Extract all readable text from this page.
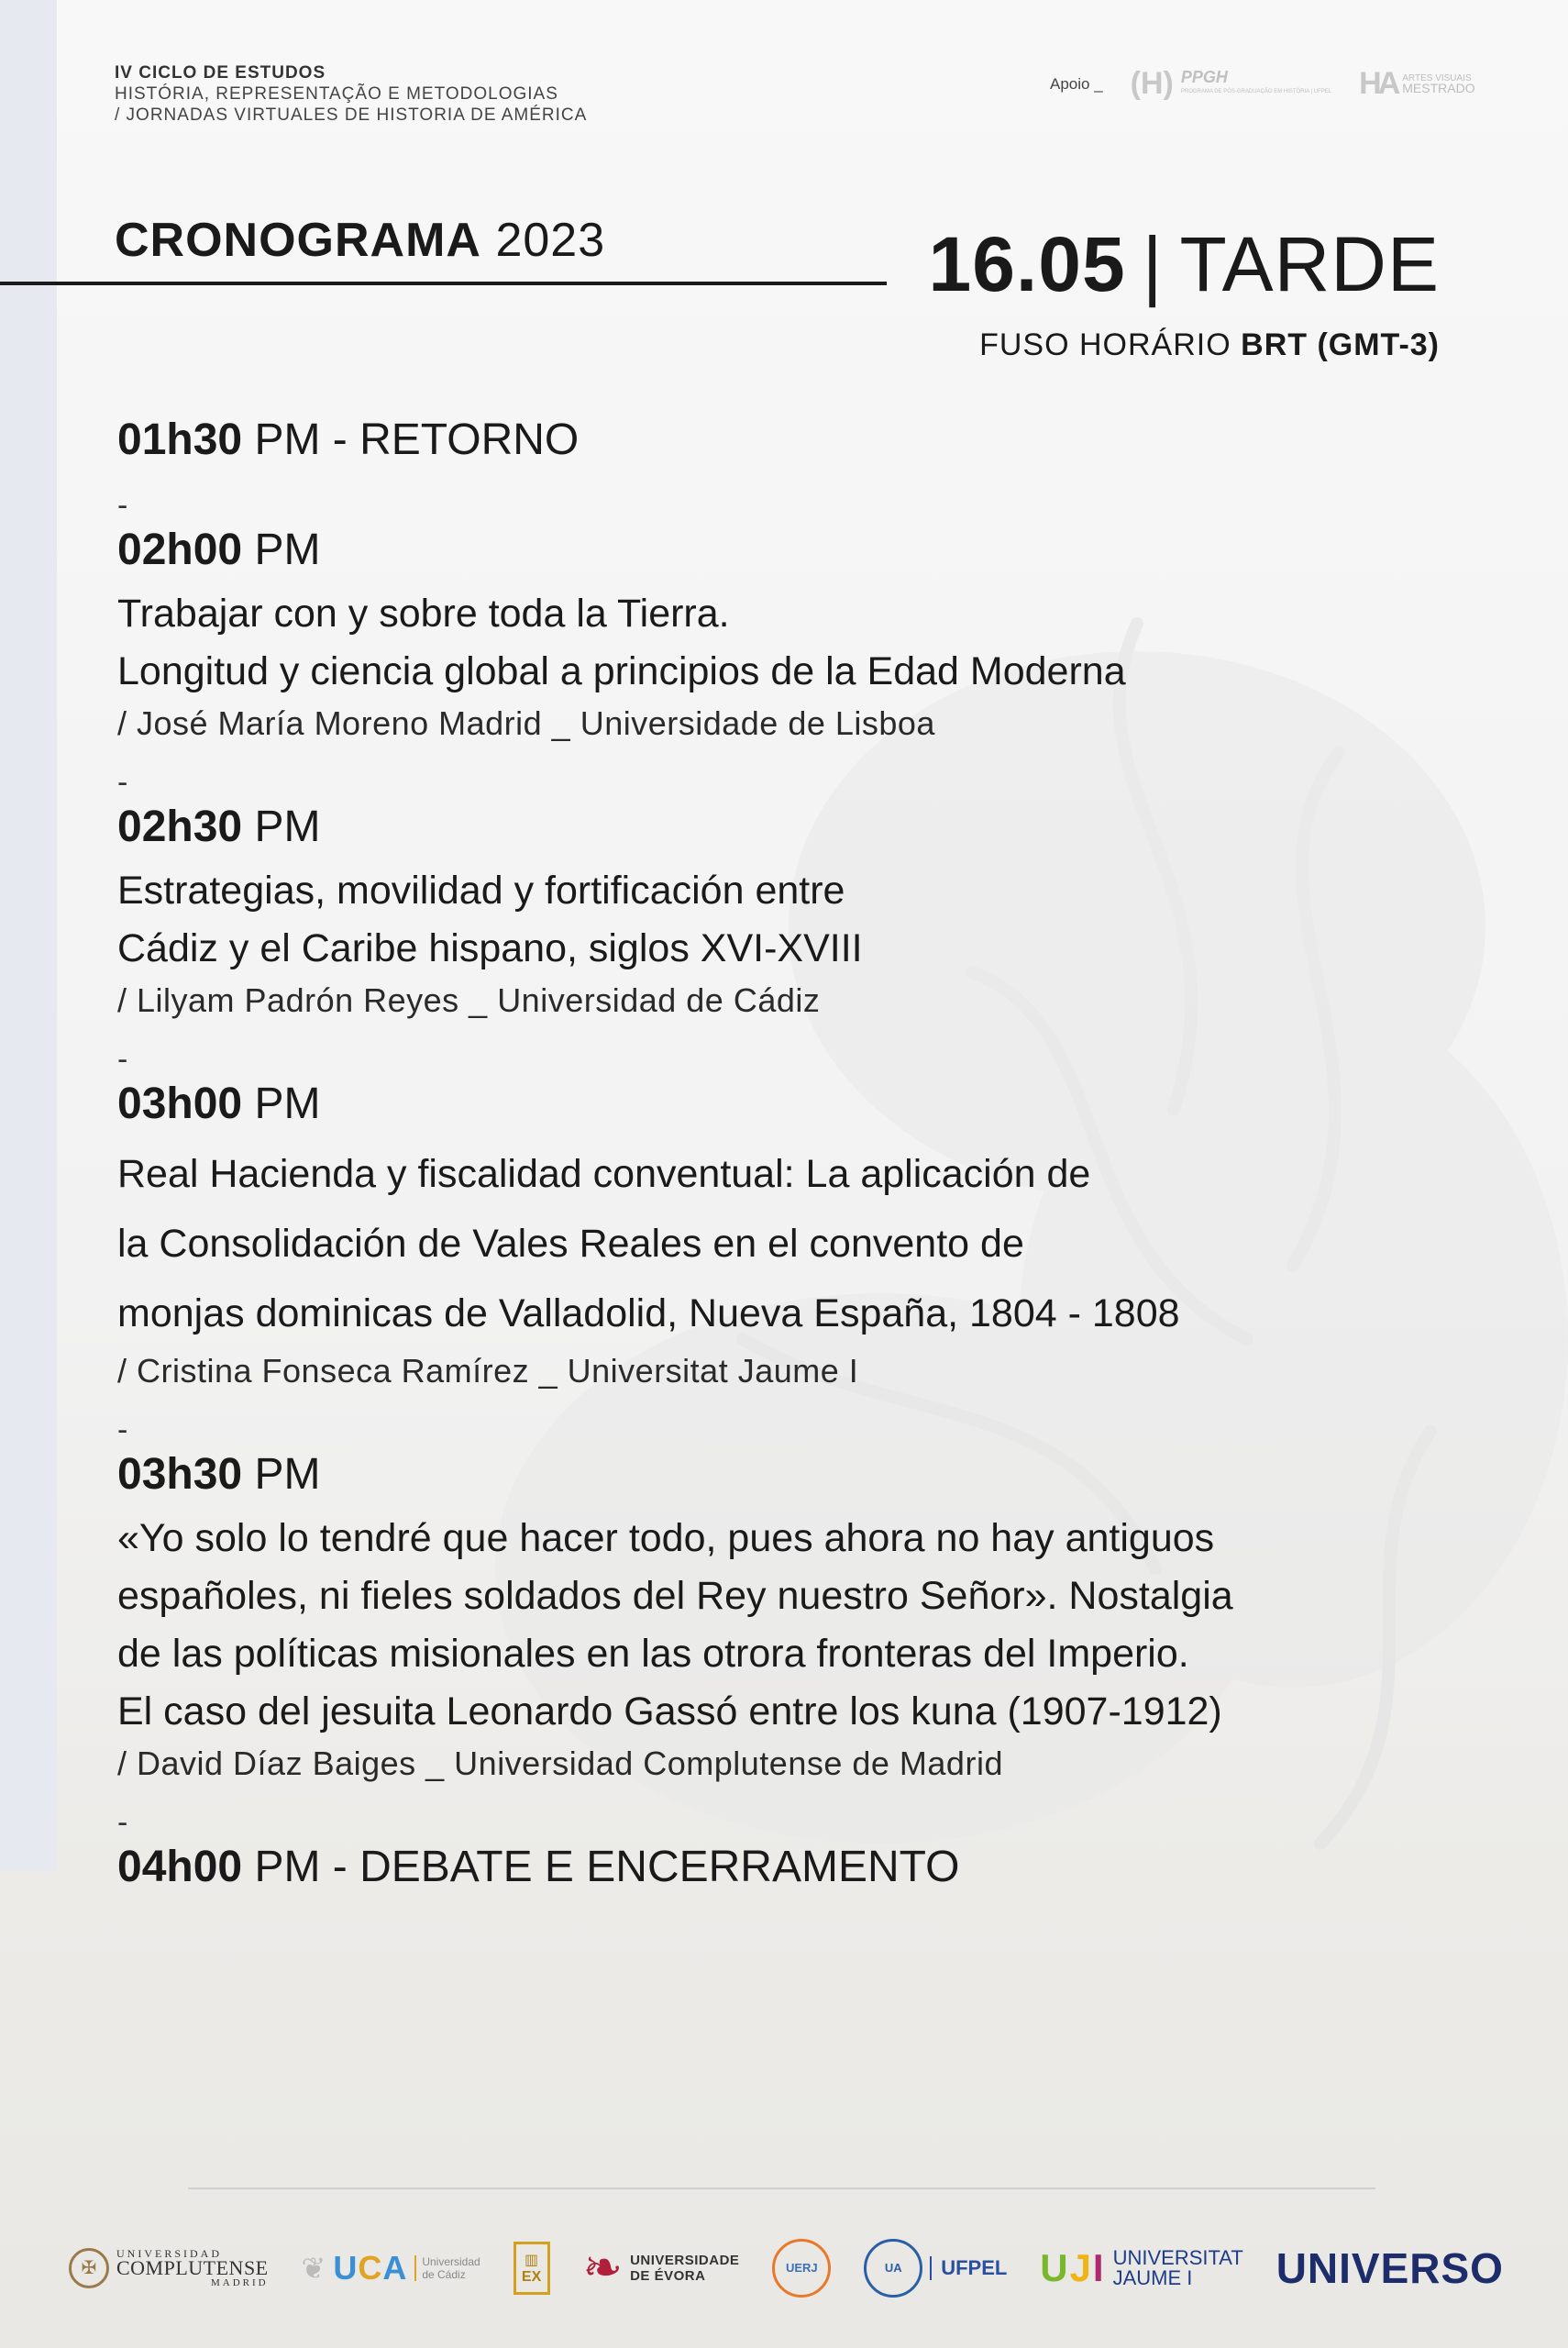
IV CICLO DE ESTUDOS
HISTÓRIA, REPRESENTAÇÃO E METODOLOGIAS
/ JORNADAS VIRTUALES DE HISTORIA DE AMÉRICA
Apoio _ (H) PPGH
PROGRAMA DE PÓS-GRADUAÇÃO EM HISTÓRIA | UFPEL HA ARTES VISUAIS
MESTRADO
CRONOGRAMA 2023	16.05 | TARDE
FUSO HORÁRIO BRT (GMT-3)
01h30 PM - RETORNO
-
02h00 PM
Trabajar con y sobre toda la Tierra.
Longitud y ciencia global a principios de la Edad Moderna
/ José María Moreno Madrid _ Universidade de Lisboa
-
02h30 PM
Estrategias, movilidad y fortificación entre
Cádiz y el Caribe hispano, siglos XVI-XVIII
/ Lilyam Padrón Reyes _ Universidad de Cádiz
-
03h00 PM
Real Hacienda y fiscalidad conventual: La aplicación de
la Consolidación de Vales Reales en el convento de
monjas dominicas de Valladolid, Nueva España, 1804 - 1808
/ Cristina Fonseca Ramírez _ Universitat Jaume I
-
03h30 PM
«Yo solo lo tendré que hacer todo, pues ahora no hay antiguos
españoles, ni fieles soldados del Rey nuestro Señor». Nostalgia
de las políticas misionales en las otrora fronteras del Imperio.
El caso del jesuita Leonardo Gassó entre los kuna (1907-1912)
/ David Díaz Baiges _ Universidad Complutense de Madrid
-
04h00 PM - DEBATE E ENCERRAMENTO
✠
UNIVERSIDAD
COMPLUTENSE
MADRID ❦ UCA	Universidad
de Cádiz
▥
EX ❧ UNIVERSIDADE
DE ÉVORA	UERJ	UA	UFPEL UJI UNIVERSITAT
JAUME I	UNIVERSO
